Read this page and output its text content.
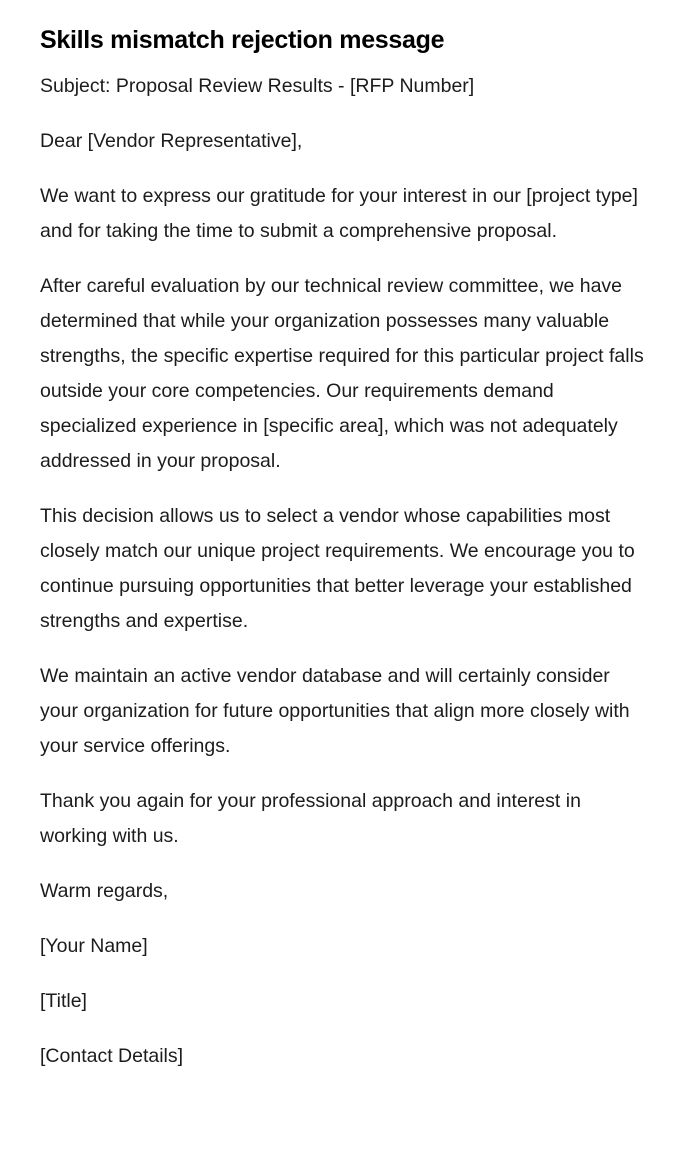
Skills mismatch rejection message

Subject: Proposal Review Results - [RFP Number]

Dear [Vendor Representative],

We want to express our gratitude for your interest in our [project type] and for taking the time to submit a comprehensive proposal.

After careful evaluation by our technical review committee, we have determined that while your organization possesses many valuable strengths, the specific expertise required for this particular project falls outside your core competencies. Our requirements demand specialized experience in [specific area], which was not adequately addressed in your proposal.

This decision allows us to select a vendor whose capabilities most closely match our unique project requirements. We encourage you to continue pursuing opportunities that better leverage your established strengths and expertise.

We maintain an active vendor database and will certainly consider your organization for future opportunities that align more closely with your service offerings.

Thank you again for your professional approach and interest in working with us.

Warm regards,

[Your Name]

[Title]

[Contact Details]
